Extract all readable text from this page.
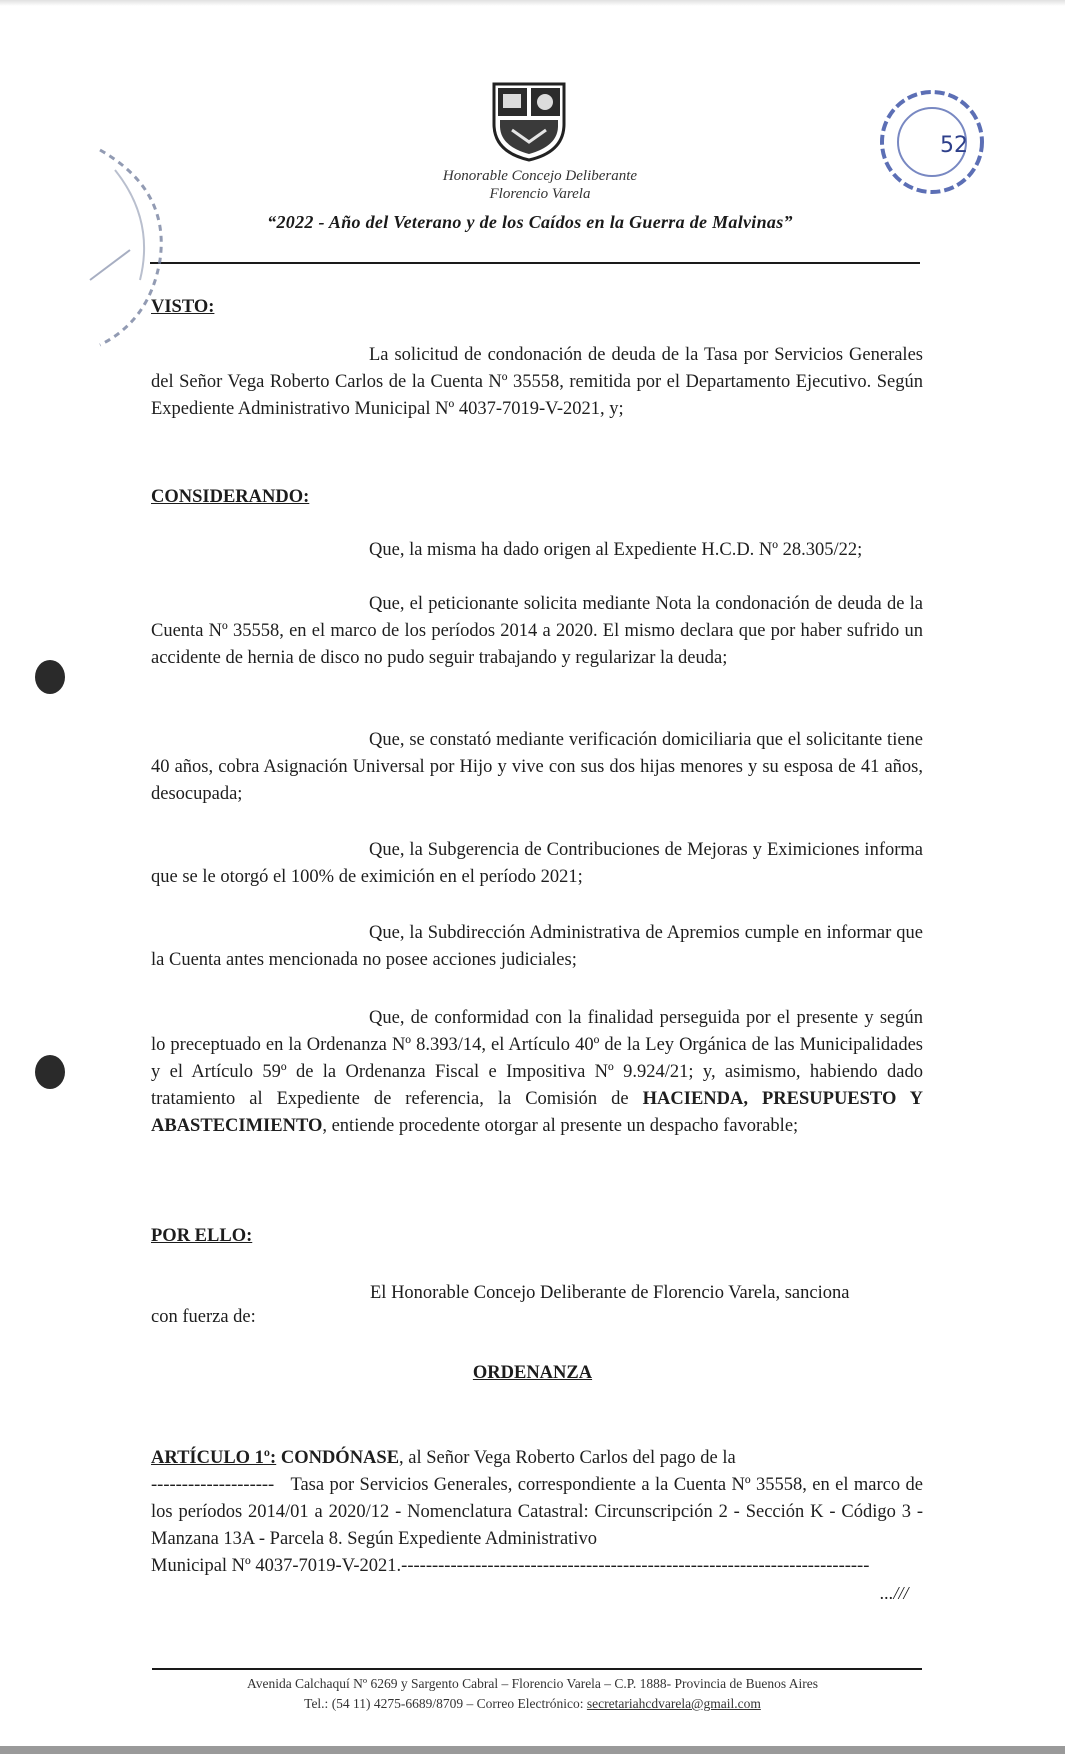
Honorable Concejo Deliberante
Florencio Varela
“2022 - Año del Veterano y de los Caídos en la Guerra de Malvinas”
52
VISTO:
La solicitud de condonación de deuda de la Tasa por Servicios Generales del Señor Vega Roberto Carlos de la Cuenta Nº 35558, remitida por el Departamento Ejecutivo. Según Expediente Administrativo Municipal Nº 4037-7019-V-2021, y;
CONSIDERANDO:
Que, la misma ha dado origen al Expediente H.C.D. Nº 28.305/22;
Que, el peticionante solicita mediante Nota la condonación de deuda de la Cuenta Nº 35558, en el marco de los períodos 2014 a 2020. El mismo declara que por haber sufrido un accidente de hernia de disco no pudo seguir trabajando y regularizar la deuda;
Que, se constató mediante verificación domiciliaria que el solicitante tiene 40 años, cobra Asignación Universal por Hijo y vive con sus dos hijas menores y su esposa de 41 años, desocupada;
Que, la Subgerencia de Contribuciones de Mejoras y Eximiciones informa que se le otorgó el 100% de eximición en el período 2021;
Que, la Subdirección Administrativa de Apremios cumple en informar que la Cuenta antes mencionada no posee acciones judiciales;
Que, de conformidad con la finalidad perseguida por el presente y según lo preceptuado en la Ordenanza Nº 8.393/14, el Artículo 40º de la Ley Orgánica de las Municipalidades y el Artículo 59º de la Ordenanza Fiscal e Impositiva Nº 9.924/21; y, asimismo, habiendo dado tratamiento al Expediente de referencia, la Comisión de HACIENDA, PRESUPUESTO Y ABASTECIMIENTO, entiende procedente otorgar al presente un despacho favorable;
POR ELLO:
El Honorable Concejo Deliberante de Florencio Varela, sanciona
con fuerza de:
ORDENANZA
ARTÍCULO 1º: CONDÓNASE, al Señor Vega Roberto Carlos del pago de la
-------------------- Tasa por Servicios Generales, correspondiente a la Cuenta Nº 35558, en el marco de los períodos 2014/01 a 2020/12 - Nomenclatura Catastral: Circunscripción 2 - Sección K - Código 3 - Manzana 13A - Parcela 8. Según Expediente Administrativo
Municipal Nº 4037-7019-V-2021.----------------------------------------------------------------------------
...///
Avenida Calchaquí Nº 6269 y Sargento Cabral – Florencio Varela – C.P. 1888- Provincia de Buenos Aires
Tel.: (54 11) 4275-6689/8709 – Correo Electrónico: secretariahcdvarela@gmail.com
